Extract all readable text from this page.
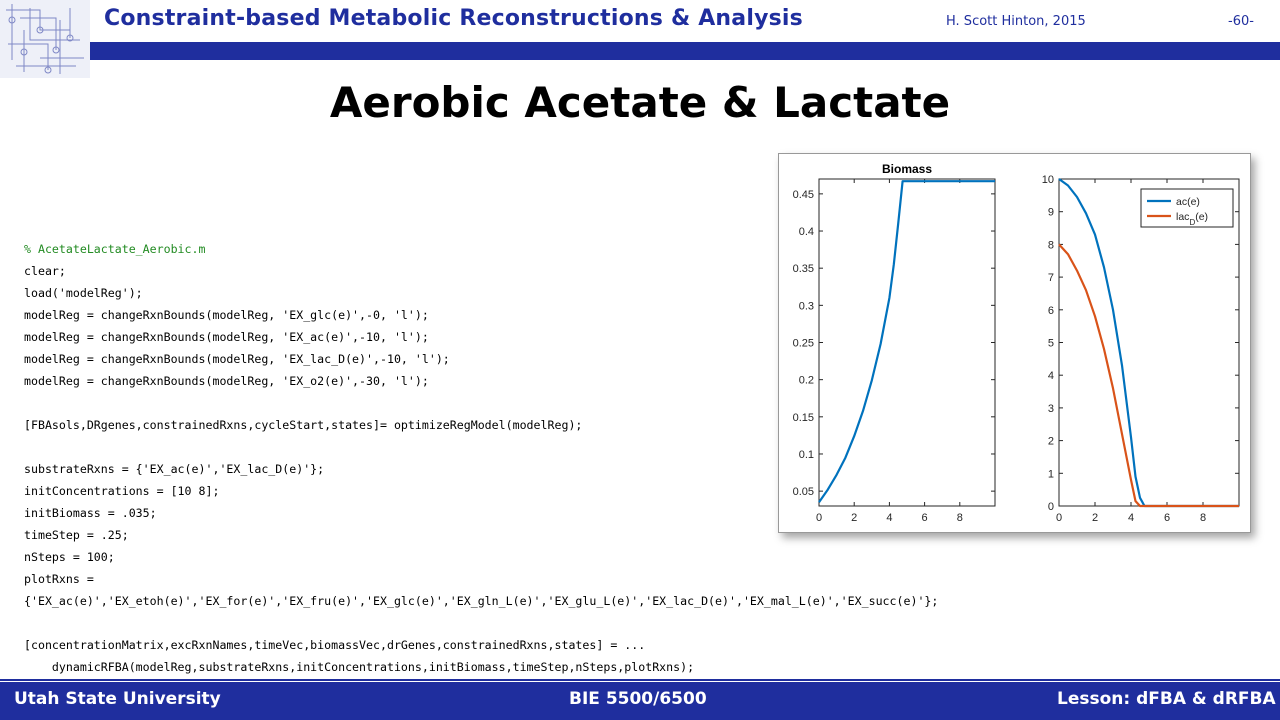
Constraint-based Metabolic Reconstructions & Analysis	H. Scott Hinton, 2015	-60-
Aerobic Acetate & Lactate

% AcetateLactate_Aerobic.m
clear;
load('modelReg');
modelReg = changeRxnBounds(modelReg, 'EX_glc(e)',-0, 'l');
modelReg = changeRxnBounds(modelReg, 'EX_ac(e)',-10, 'l');
modelReg = changeRxnBounds(modelReg, 'EX_lac_D(e)',-10, 'l');
modelReg = changeRxnBounds(modelReg, 'EX_o2(e)',-30, 'l');
[FBAsols,DRgenes,constrainedRxns,cycleStart,states]= optimizeRegModel(modelReg);
substrateRxns = {'EX_ac(e)','EX_lac_D(e)'};
initConcentrations = [10 8];
initBiomass = .035;
timeStep = .25;
nSteps = 100;
plotRxns =
{'EX_ac(e)','EX_etoh(e)','EX_for(e)','EX_fru(e)','EX_glc(e)','EX_gln_L(e)','EX_glu_L(e)','EX_lac_D(e)','EX_mal_L(e)','EX_succ(e)'};
[concentrationMatrix,excRxnNames,timeVec,biomassVec,drGenes,constrainedRxns,states] = ...
dynamicRFBA(modelReg,substrateRxns,initConcentrations,initBiomass,timeStep,nSteps,plotRxns);

0	2	4	6	8
0.05
0.1
0.15
0.2
0.25
0.3
0.35
0.4
0.45
Biomass
0	2	4	6	8
0
1
2
3
4
5
6
7
8
9
10
ac(e)
lac$_D$(e)
Utah State University	BIE 5500/6500	Lesson: dFBA & dRFBA
